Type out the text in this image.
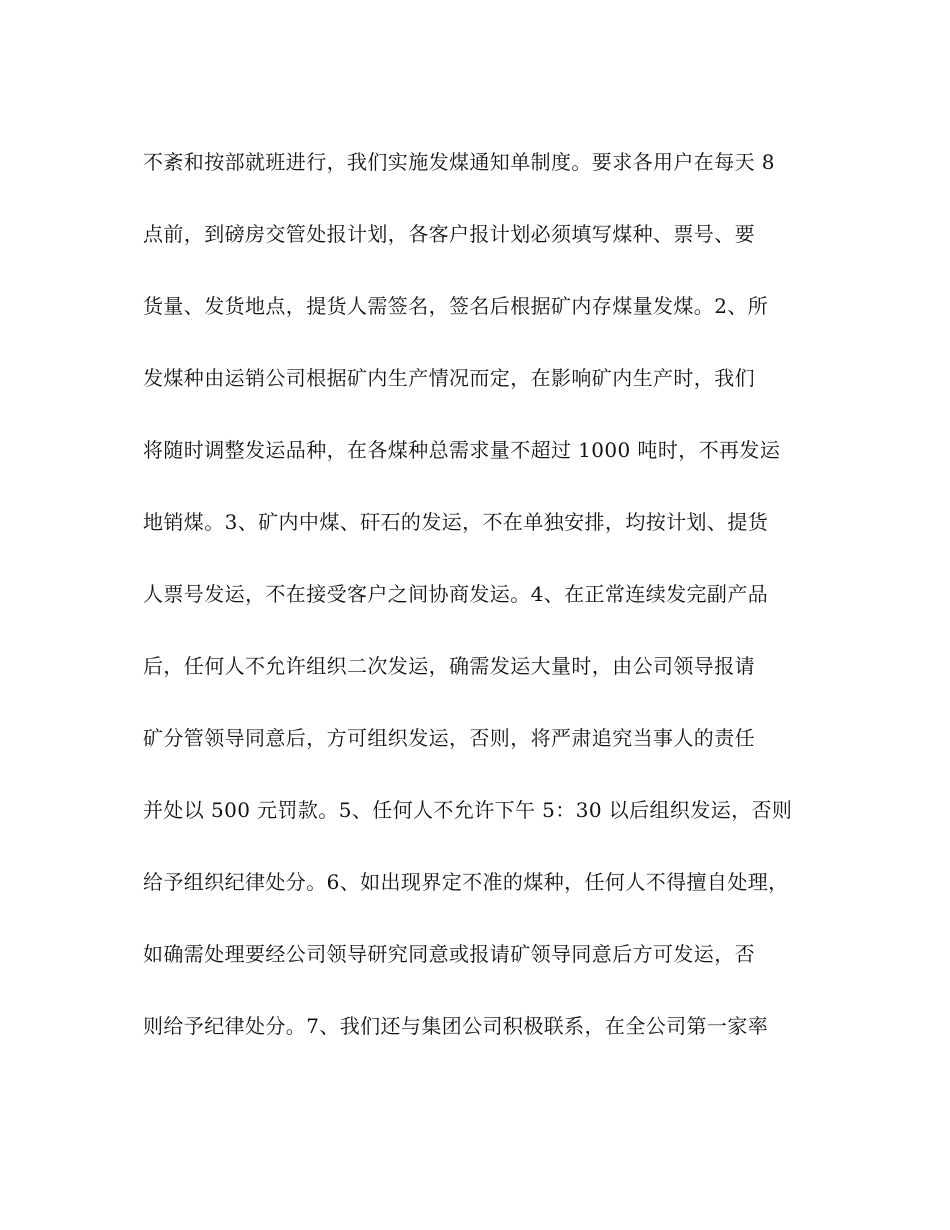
不紊和按部就班进行，我们实施发煤通知单制度。要求各用户在每天 8
点前，到磅房交管处报计划，各客户报计划必须填写煤种、票号、要
货量、发货地点，提货人需签名，签名后根据矿内存煤量发煤。2、所
发煤种由运销公司根据矿内生产情况而定，在影响矿内生产时，我们
将随时调整发运品种，在各煤种总需求量不超过 1000 吨时，不再发运
地销煤。3、矿内中煤、矸石的发运，不在单独安排，均按计划、提货
人票号发运，不在接受客户之间协商发运。4、在正常连续发完副产品
后，任何人不允许组织二次发运，确需发运大量时，由公司领导报请
矿分管领导同意后，方可组织发运，否则，将严肃追究当事人的责任
并处以 500 元罚款。5、任何人不允许下午 5：30 以后组织发运，否则
给予组织纪律处分。6、如出现界定不准的煤种，任何人不得擅自处理，
如确需处理要经公司领导研究同意或报请矿领导同意后方可发运，否
则给予纪律处分。7、我们还与集团公司积极联系，在全公司第一家率
